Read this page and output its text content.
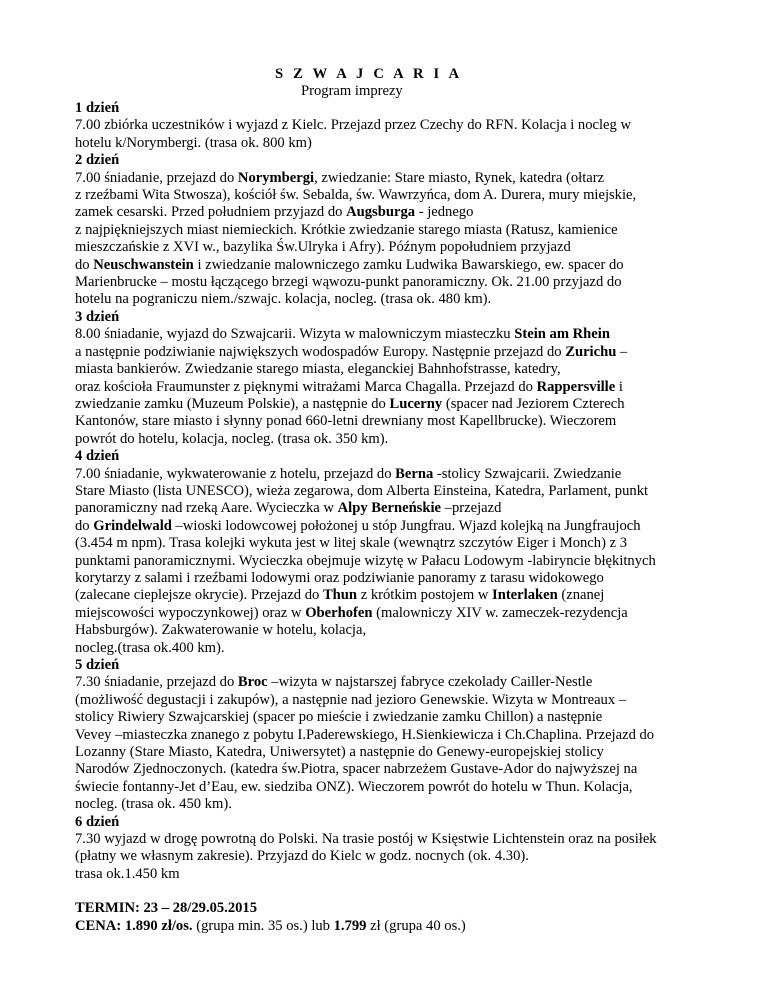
S Z W A J C A R I A
Program imprezy
1 dzień
7.00 zbiórka uczestników i wyjazd z Kielc. Przejazd przez Czechy do RFN. Kolacja i nocleg w
hotelu k/Norymbergi. (trasa ok. 800 km)
2 dzień
7.00 śniadanie, przejazd do Norymbergi, zwiedzanie: Stare miasto, Rynek, katedra (ołtarz
z rzeźbami Wita Stwosza), kościół św. Sebalda, św. Wawrzyńca, dom A. Durera, mury miejskie,
zamek cesarski. Przed południem przyjazd do Augsburga - jednego
z najpiękniejszych miast niemieckich. Krótkie zwiedzanie starego miasta (Ratusz, kamienice
mieszczańskie z XVI w., bazylika Św.Ulryka i Afry). Późnym popołudniem przyjazd
do Neuschwanstein i zwiedzanie malowniczego zamku Ludwika Bawarskiego, ew. spacer do
Marienbrucke – mostu łączącego brzegi wąwozu-punkt panoramiczny. Ok. 21.00 przyjazd do
hotelu na pograniczu niem./szwajc. kolacja, nocleg. (trasa ok. 480 km).
3 dzień
8.00 śniadanie, wyjazd do Szwajcarii. Wizyta w malowniczym miasteczku Stein am Rhein
a następnie podziwianie największych wodospadów Europy. Następnie przejazd do Zurichu –
miasta bankierów. Zwiedzanie starego miasta, eleganckiej Bahnhofstrasse, katedry,
oraz kościoła Fraumunster z pięknymi witrażami Marca Chagalla. Przejazd do Rappersville i
zwiedzanie zamku (Muzeum Polskie), a następnie do Lucerny (spacer nad Jeziorem Czterech
Kantonów, stare miasto i słynny ponad 660-letni drewniany most Kapellbrucke). Wieczorem
powrót do hotelu, kolacja, nocleg. (trasa ok. 350 km).
4 dzień
7.00 śniadanie, wykwaterowanie z hotelu, przejazd do Berna -stolicy Szwajcarii. Zwiedzanie
Stare Miasto (lista UNESCO), wieża zegarowa, dom Alberta Einsteina, Katedra, Parlament, punkt
panoramiczny nad rzeką Aare. Wycieczka w Alpy Berneńskie –przejazd
do Grindelwald –wioski lodowcowej położonej u stóp Jungfrau. Wjazd kolejką na Jungfraujoch
(3.454 m npm). Trasa kolejki wykuta jest w litej skale (wewnątrz szczytów Eiger i Monch) z 3
punktami panoramicznymi. Wycieczka obejmuje wizytę w Pałacu Lodowym -labiryncie błękitnych
korytarzy z salami i rzeźbami lodowymi oraz podziwianie panoramy z tarasu widokowego
(zalecane cieplejsze okrycie). Przejazd do Thun z krótkim postojem w Interlaken (znanej
miejscowości wypoczynkowej) oraz w Oberhofen (malowniczy XIV w. zameczek-rezydencja
Habsburgów). Zakwaterowanie w hotelu, kolacja,
nocleg.(trasa ok.400 km).
5 dzień
7.30 śniadanie, przejazd do Broc –wizyta w najstarszej fabryce czekolady Cailler-Nestle
(możliwość degustacji i zakupów), a następnie nad jezioro Genewskie. Wizyta w Montreaux –
stolicy Riwiery Szwajcarskiej (spacer po mieście i zwiedzanie zamku Chillon) a następnie
Vevey –miasteczka znanego z pobytu I.Paderewskiego, H.Sienkiewicza i Ch.Chaplina. Przejazd do
Lozanny (Stare Miasto, Katedra, Uniwersytet) a następnie do Genewy-europejskiej stolicy
Narodów Zjednoczonych. (katedra św.Piotra, spacer nabrzeżem Gustave-Ador do najwyższej na
świecie fontanny-Jet d’Eau, ew. siedziba ONZ). Wieczorem powrót do hotelu w Thun. Kolacja,
nocleg. (trasa ok. 450 km).
6 dzień
7.30 wyjazd w drogę powrotną do Polski. Na trasie postój w Księstwie Lichtenstein oraz na posiłek
(płatny we własnym zakresie). Przyjazd do Kielc w godz. nocnych (ok. 4.30).
trasa ok.1.450 km
TERMIN: 23 – 28/29.05.2015
CENA: 1.890 zł/os. (grupa min. 35 os.) lub 1.799 zł (grupa 40 os.)
